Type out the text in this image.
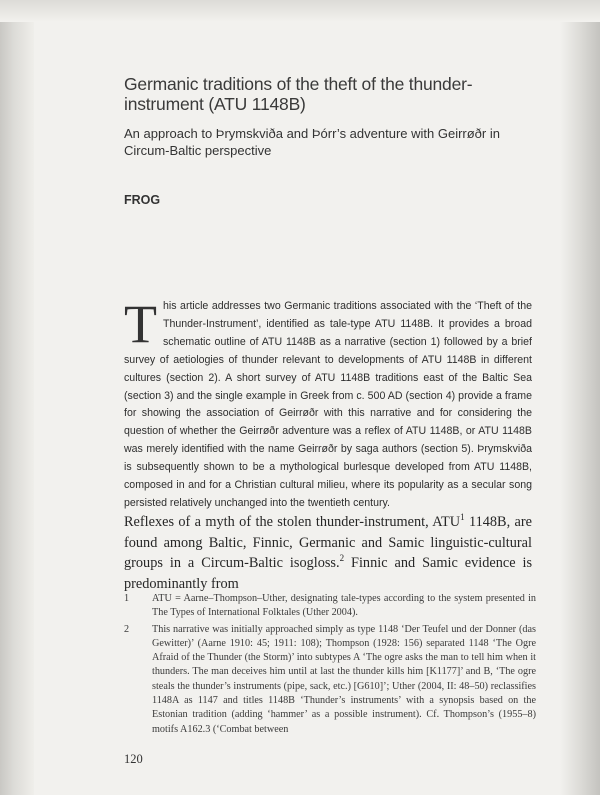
Germanic traditions of the theft of the thunder-instrument (ATU 1148B)
An approach to Þrymskviða and Þórr’s adventure with Geirrøðr in Circum-Baltic perspective
FROG
This article addresses two Germanic traditions associated with the ‘Theft of the Thunder-Instrument’, identified as tale-type ATU 1148B. It provides a broad schematic outline of ATU 1148B as a narrative (section 1) followed by a brief survey of aetiologies of thunder relevant to developments of ATU 1148B in different cultures (section 2). A short survey of ATU 1148B traditions east of the Baltic Sea (section 3) and the single example in Greek from c. 500 AD (section 4) provide a frame for showing the association of Geirrøðr with this narrative and for considering the question of whether the Geirrøðr adventure was a reflex of ATU 1148B, or ATU 1148B was merely identified with the name Geirrøðr by saga authors (section 5). Þrymskviða is subsequently shown to be a mythological burlesque developed from ATU 1148B, composed in and for a Christian cultural milieu, where its popularity as a secular song persisted relatively unchanged into the twentieth century.
Reflexes of a myth of the stolen thunder-instrument, ATU$^1$ 1148B, are found among Baltic, Finnic, Germanic and Samic linguistic-cultural groups in a Circum-Baltic isogloss.$^2$ Finnic and Samic evidence is predominantly from
1 ATU = Aarne–Thompson–Uther, designating tale-types according to the system presented in The Types of International Folktales (Uther 2004).
2 This narrative was initially approached simply as type 1148 ‘Der Teufel und der Donner (das Gewitter)’ (Aarne 1910: 45; 1911: 108); Thompson (1928: 156) separated 1148 ‘The Ogre Afraid of the Thunder (the Storm)’ into subtypes A ‘The ogre asks the man to tell him when it thunders. The man deceives him until at last the thunder kills him [K1177]’ and B, ‘The ogre steals the thunder’s instruments (pipe, sack, etc.) [G610]’; Uther (2004, II: 48–50) reclassifies 1148A as 1147 and titles 1148B ‘Thunder’s instruments’ with a synopsis based on the Estonian tradition (adding ‘hammer’ as a possible instrument). Cf. Thompson’s (1955–8) motifs A162.3 (‘Combat between
120
